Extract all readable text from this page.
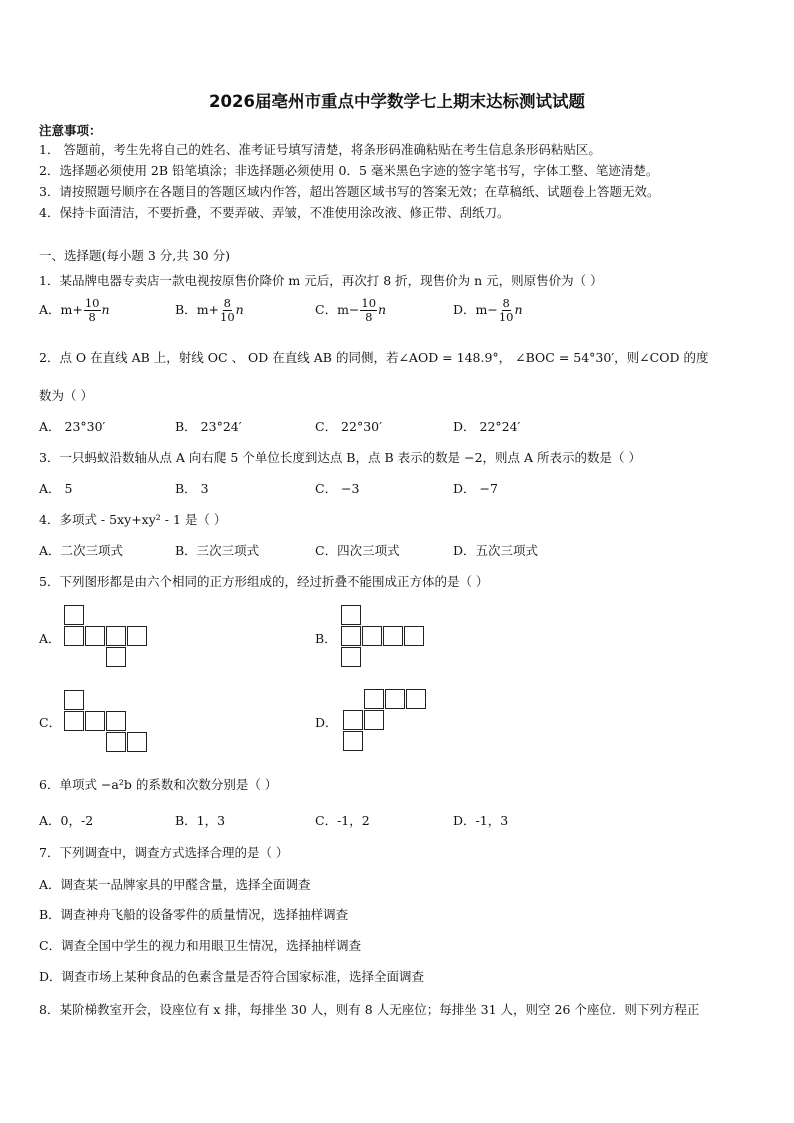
2026届亳州市重点中学数学七上期末达标测试试题
注意事项：
1． 答题前，考生先将自己的姓名、准考证号填写清楚，将条形码准确粘贴在考生信息条形码粘贴区。
2．选择题必须使用 2B 铅笔填涂；非选择题必须使用 0．5 毫米黑色字迹的签字笔书写，字体工整、笔迹清楚。
3．请按照题号顺序在各题目的答题区域内作答，超出答题区域书写的答案无效；在草稿纸、试题卷上答题无效。
4．保持卡面清洁，不要折叠，不要弄破、弄皱，不准使用涂改液、修正带、刮纸刀。
一、选择题(每小题 3 分,共 30 分)
1．某品牌电器专卖店一款电视按原售价降价 m 元后，再次打 8 折，现售价为 n 元，则原售价为（ ）
A．$m+ \frac{10}{8}$ n	B．$m+ \frac{8}{10}$ n	C．$m- \frac{10}{8}$ n	D．$m- \frac{8}{10}$ n
2．点 O 在直线 AB 上，射线 OC 、 OD 在直线 AB 的同侧，若∠AOD = 148.9°， ∠BOC = 54°30′，则∠COD 的度
数为（ ）
A． 23°30′	B． 23°24′	C． 22°30′	D． 22°24′
3．一只蚂蚁沿数轴从点 A 向右爬 5 个单位长度到达点 B，点 B 表示的数是 −2，则点 A 所表示的数是（ ）
A． 5	B． 3	C． −3	D． −7
4．多项式 - 5xy+xy² - 1 是（ ）
A．二次三项式	B．三次三项式	C．四次三项式	D．五次三项式
5．下列图形都是由六个相同的正方形组成的，经过折叠不能围成正方体的是（ ）
A．	B．
C．	D．
6．单项式 −a²b 的系数和次数分别是（ ）
A．0，-2	B．1，3	C．-1，2	D．-1，3
7．下列调查中，调查方式选择合理的是（ ）
A．调查某一品牌家具的甲醛含量，选择全面调查
B．调查神舟飞船的设备零件的质量情况，选择抽样调查
C．调查全国中学生的视力和用眼卫生情况，选择抽样调查
D．调查市场上某种食品的色素含量是否符合国家标准，选择全面调查
8．某阶梯教室开会，设座位有 x 排，每排坐 30 人，则有 8 人无座位；每排坐 31 人，则空 26 个座位．则下列方程正
